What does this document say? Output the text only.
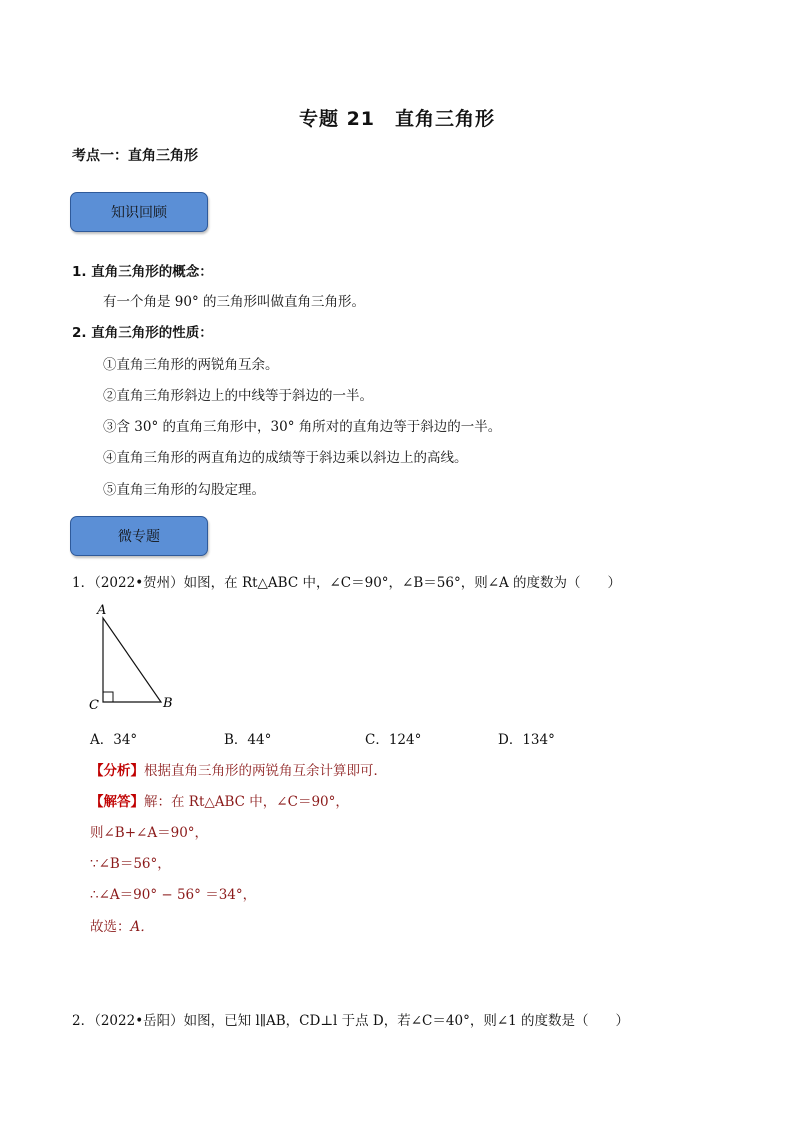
专题 21　直角三角形
考点一：直角三角形
知识回顾
1. 直角三角形的概念：
有一个角是 90° 的三角形叫做直角三角形。
2. 直角三角形的性质：
①直角三角形的两锐角互余。
②直角三角形斜边上的中线等于斜边的一半。
③含 30° 的直角三角形中，30° 角所对的直角边等于斜边的一半。
④直角三角形的两直角边的成绩等于斜边乘以斜边上的高线。
⑤直角三角形的勾股定理。
微专题
1．（2022•贺州）如图，在 Rt△ABC 中，∠C＝90°，∠B＝56°，则∠A 的度数为（　　）
A
B
C
A．34°	B．44°	C．124°	D．134°
【分析】根据直角三角形的两锐角互余计算即可．
【解答】解：在 Rt△ABC 中，∠C＝90°，
则∠B+∠A＝90°，
∵∠B＝56°，
∴∠A＝90° − 56° ＝34°，
故选：A．
2．（2022•岳阳）如图，已知 l∥AB，CD⊥l 于点 D，若∠C＝40°，则∠1 的度数是（　　）
